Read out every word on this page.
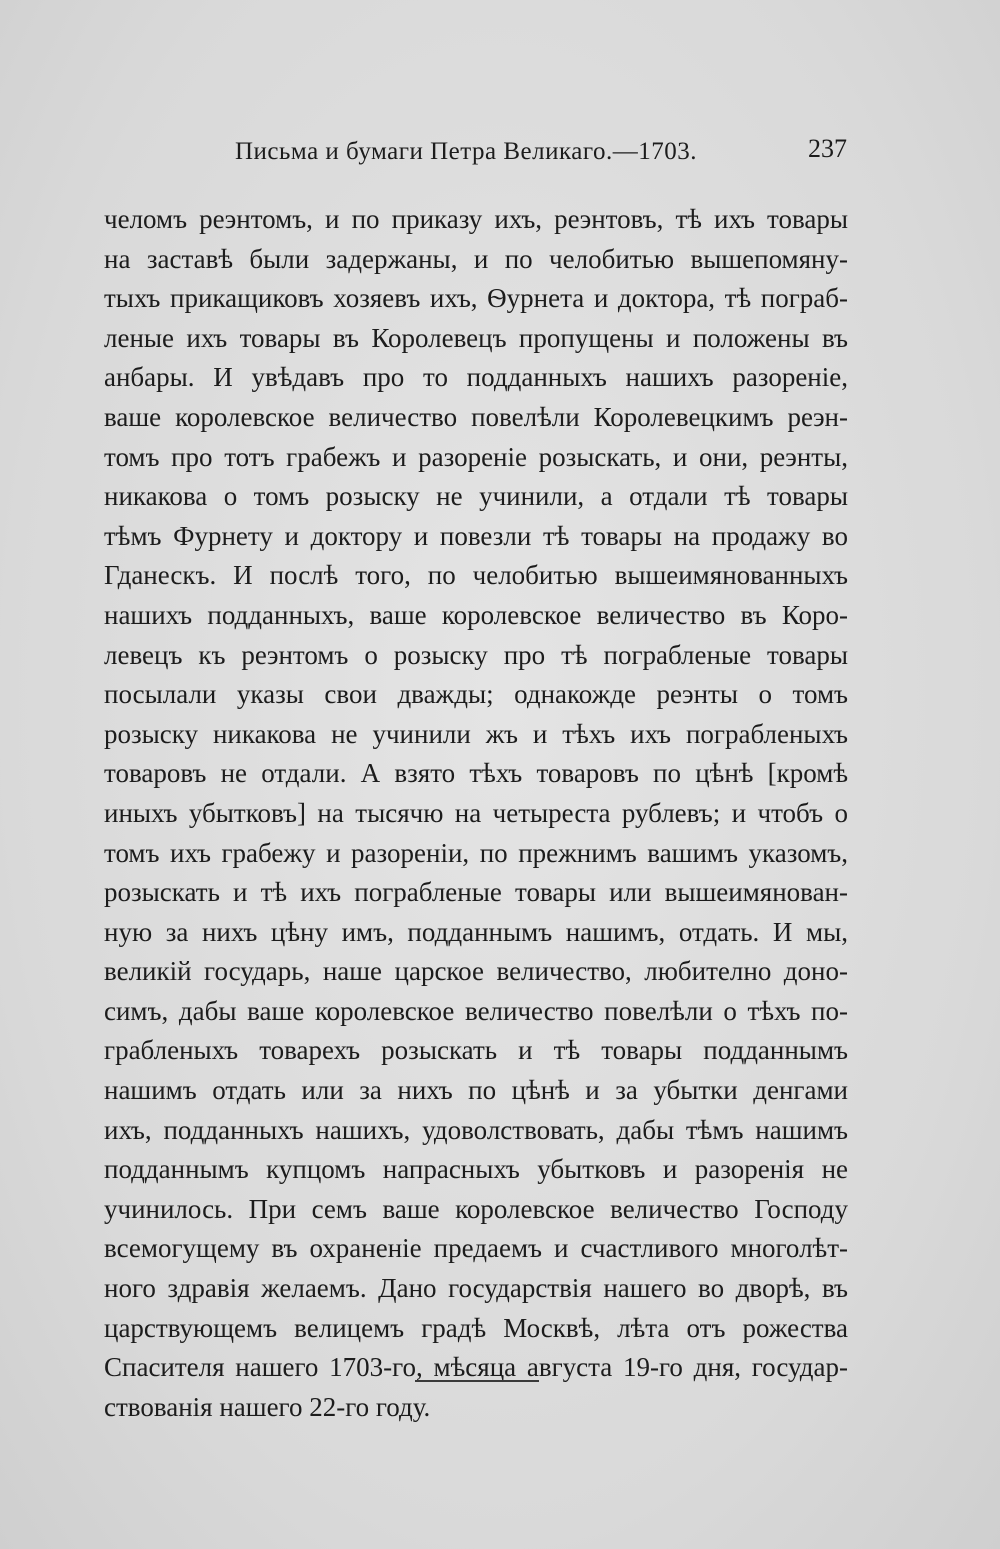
Письма и бумаги Петра Великаго.—1703.	237
челомъ реэнтомъ, и по приказу ихъ, реэнтовъ, тѣ ихъ товары
на заставѣ были задержаны, и по челобитью вышепомяну-
тыхъ прикащиковъ хозяевъ ихъ, Ѳурнета и доктора, тѣ пограб-
леные ихъ товары въ Королевецъ пропущены и положены въ
анбары. И увѣдавъ про то подданныхъ нашихъ разореніе,
ваше королевское величество повелѣли Королевецкимъ реэн-
томъ про тотъ грабежъ и разореніе розыскать, и они, реэнты,
никакова о томъ розыску не учинили, а отдали тѣ товары
тѣмъ Фурнету и доктору и повезли тѣ товары на продажу во
Гданескъ. И послѣ того, по челобитью вышеимянованныхъ
нашихъ подданныхъ, ваше королевское величество въ Коро-
левецъ къ реэнтомъ о розыску про тѣ пограбленые товары
посылали указы свои дважды; однакожде реэнты о томъ
розыску никакова не учинили жъ и тѣхъ ихъ пограбленыхъ
товаровъ не отдали. А взято тѣхъ товаровъ по цѣнѣ [кромѣ
иныхъ убытковъ] на тысячю на четыреста рублевъ; и чтобъ о
томъ ихъ грабежу и разореніи, по прежнимъ вашимъ указомъ,
розыскать и тѣ ихъ пограбленые товары или вышеимянован-
ную за нихъ цѣну имъ, подданнымъ нашимъ, отдать. И мы,
великій государь, наше царское величество, любително доно-
симъ, дабы ваше королевское величество повелѣли о тѣхъ по-
грабленыхъ товарехъ розыскать и тѣ товары подданнымъ
нашимъ отдать или за нихъ по цѣнѣ и за убытки денгами
ихъ, подданныхъ нашихъ, удоволствовать, дабы тѣмъ нашимъ
подданнымъ купцомъ напрасныхъ убытковъ и разоренія не
учинилось. При семъ ваше королевское величество Господу
всемогущему въ охраненіе предаемъ и счастливого многолѣт-
ного здравія желаемъ. Дано государствія нашего во дворѣ, въ
царствующемъ велицемъ градѣ Москвѣ, лѣта отъ рожества
Спасителя нашего 1703-го, мѣсяца августа 19-го дня, государ-
ствованія нашего 22-го году.
